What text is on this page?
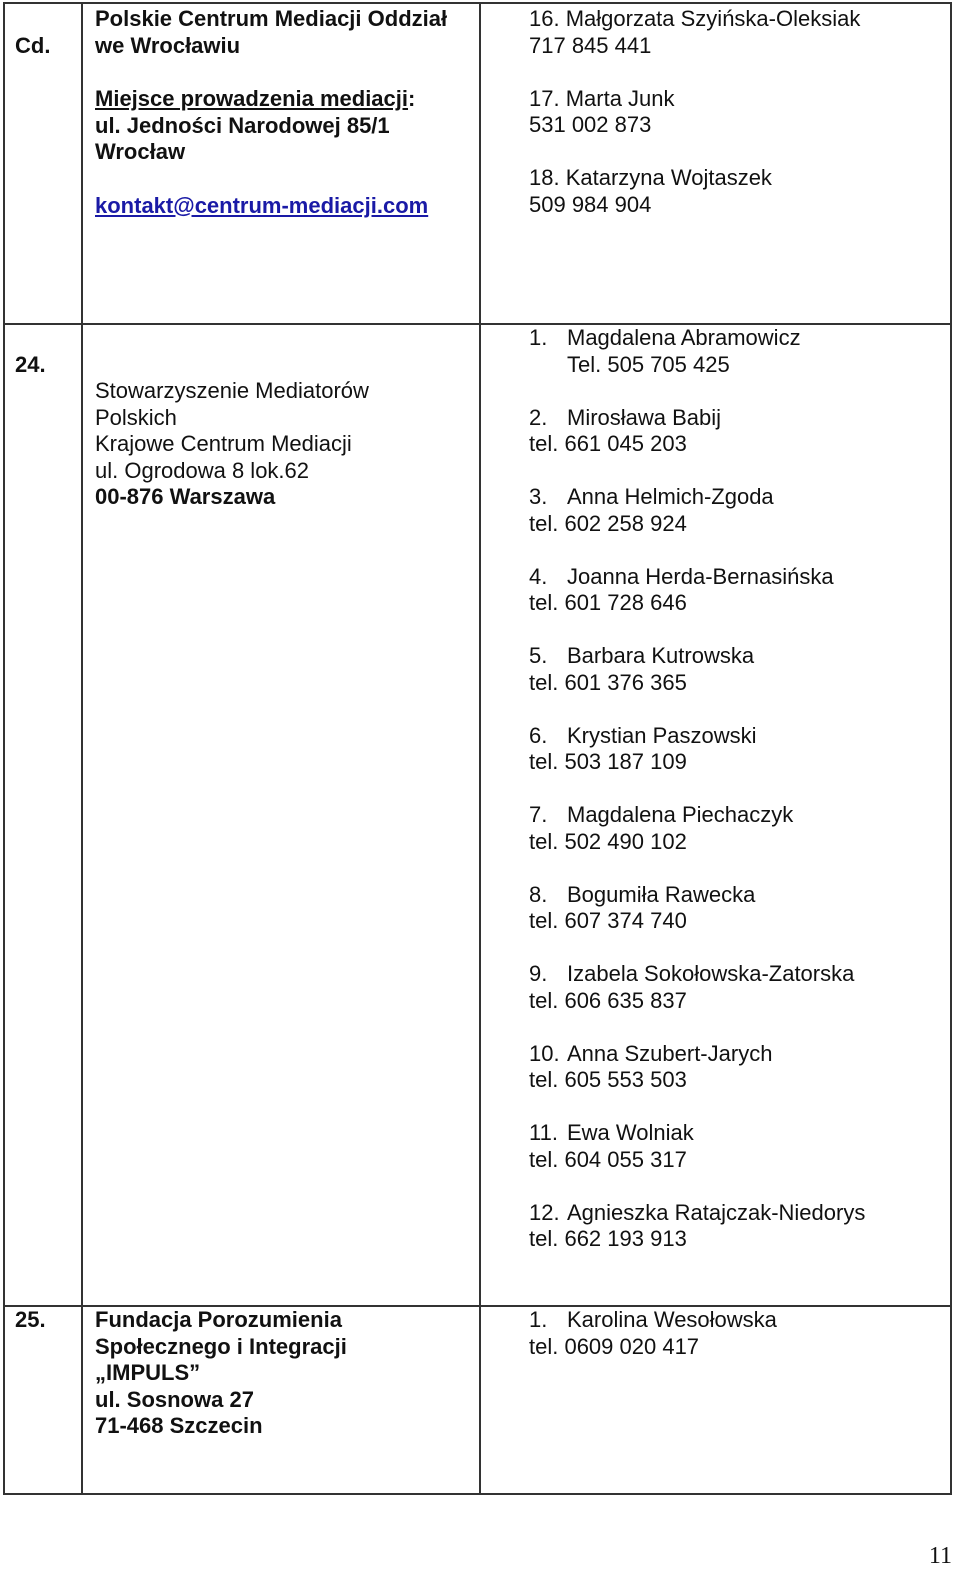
Cd.
Polskie Centrum Mediacji Oddział
we Wrocławiu
Miejsce prowadzenia mediacji:
ul. Jedności Narodowej 85/1
Wrocław
kontakt@centrum-mediacji.com
16. Małgorzata Szyińska-Oleksiak
717 845 441
17. Marta Junk
531 002 873
18. Katarzyna Wojtaszek
509 984 904
24.
Stowarzyszenie Mediatorów
Polskich
Krajowe Centrum Mediacji
ul. Ogrodowa 8 lok.62
00-876 Warszawa
1. Magdalena Abramowicz
Tel. 505 705 425
2. Mirosława Babij
tel. 661 045 203
3. Anna Helmich-Zgoda
tel. 602 258 924
4. Joanna Herda-Bernasińska
tel. 601 728 646
5. Barbara Kutrowska
tel. 601 376 365
6. Krystian Paszowski
tel. 503 187 109
7. Magdalena Piechaczyk
tel. 502 490 102
8. Bogumiła Rawecka
tel. 607 374 740
9. Izabela Sokołowska-Zatorska
tel. 606 635 837
10. Anna Szubert-Jarych
tel. 605 553 503
11. Ewa Wolniak
tel. 604 055 317
12. Agnieszka Ratajczak-Niedorys
tel. 662 193 913
25.	Fundacja Porozumienia
Społecznego i Integracji
„IMPULS”
ul. Sosnowa 27
71-468 Szczecin
1. Karolina Wesołowska
tel. 0609 020 417
11
